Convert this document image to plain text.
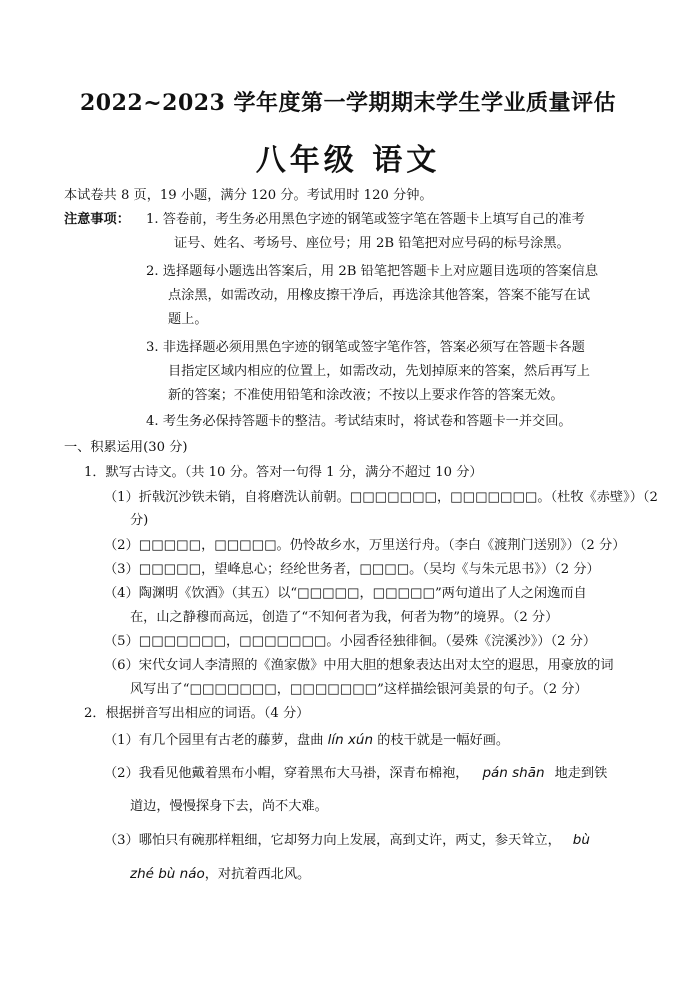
2022~2023 学年度第一学期期末学生学业质量评估
八年级 语文
本试卷共 8 页，19 小题，满分 120 分。考试用时 120 分钟。
注意事项： 1. 答卷前，考生务必用黑色字迹的钢笔或签字笔在答题卡上填写自己的准考
证号、姓名、考场号、座位号；用 2B 铅笔把对应号码的标号涂黑。
2. 选择题每小题选出答案后，用 2B 铅笔把答题卡上对应题目选项的答案信息
点涂黑，如需改动，用橡皮擦干净后，再选涂其他答案，答案不能写在试
题上。
3. 非选择题必须用黑色字迹的钢笔或签字笔作答，答案必须写在答题卡各题
目指定区域内相应的位置上，如需改动，先划掉原来的答案，然后再写上
新的答案；不准使用铅笔和涂改液；不按以上要求作答的答案无效。
4. 考生务必保持答题卡的整洁。考试结束时，将试卷和答题卡一并交回。
一、积累运用(30 分)
1．默写古诗文。（共 10 分。答对一句得 1 分，满分不超过 10 分）
（1）折戟沉沙铁未销，自将磨洗认前朝。□□□□□□□，□□□□□□□。（杜牧《赤壁》）（2
分)
（2）□□□□□，□□□□□。仍怜故乡水，万里送行舟。（李白《渡荆门送别》）（2 分）
（3）□□□□□，望峰息心；经纶世务者，□□□□。（吴均《与朱元思书》）（2 分）
（4）陶渊明《饮酒》（其五）以“□□□□□，□□□□□”两句道出了人之闲逸而自
在，山之静穆而高远，创造了“不知何者为我，何者为物”的境界。（2 分）
（5）□□□□□□□，□□□□□□□。小园香径独徘徊。（晏殊《浣溪沙》）（2 分）
（6）宋代女词人李清照的《渔家傲》中用大胆的想象表达出对太空的遐思，用豪放的词
风写出了“□□□□□□□，□□□□□□□”这样描绘银河美景的句子。（2 分）
2．根据拼音写出相应的词语。（4 分）
（1）有几个园里有古老的藤萝，盘曲 lín xún 的枝干就是一幅好画。
（2）我看见他戴着黑布小帽，穿着黑布大马褂，深青布棉袍， pán shān 地走到铁
道边，慢慢探身下去，尚不大难。
（3）哪怕只有碗那样粗细，它却努力向上发展，高到丈许，两丈，参天耸立， bù
zhé bù náo，对抗着西北风。
